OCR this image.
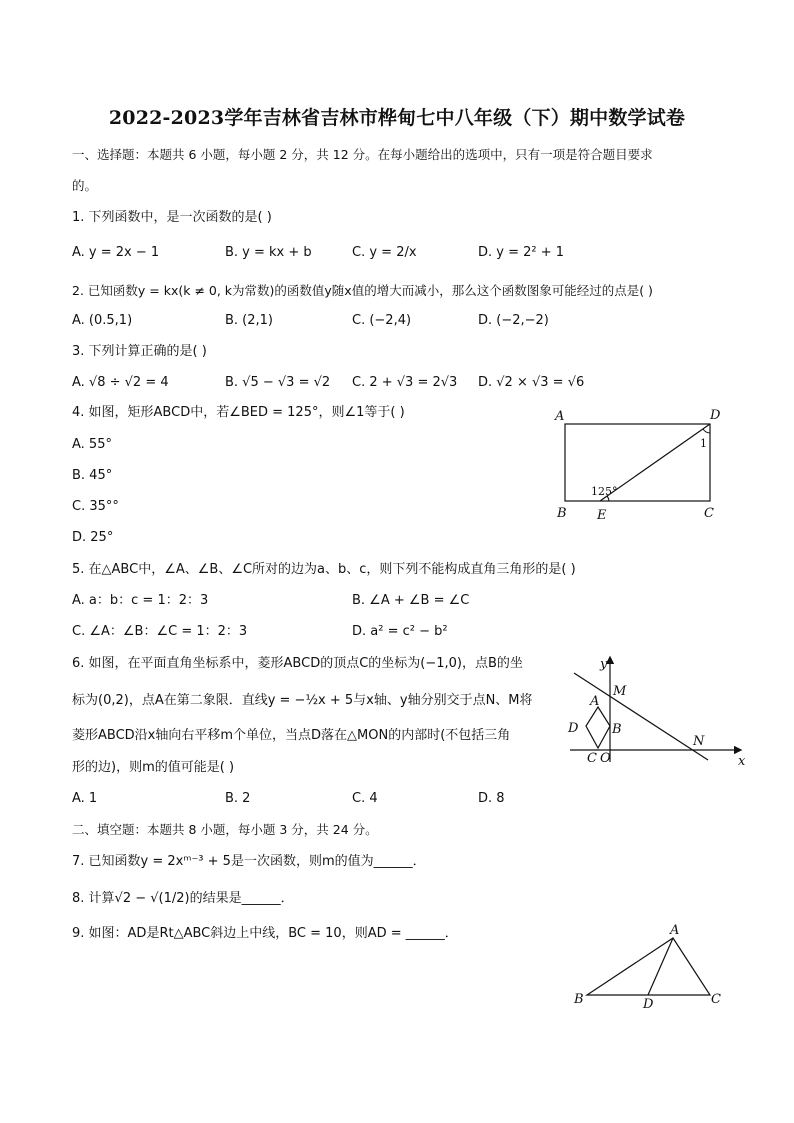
2022-2023学年吉林省吉林市桦甸七中八年级（下）期中数学试卷
一、选择题：本题共 6 小题，每小题 2 分，共 12 分。在每小题给出的选项中，只有一项是符合题目要求
的。
1. 下列函数中，是一次函数的是( )
A. y = 2x − 1	B. y = kx + b	C. y = 2/x	D. y = 2² + 1
2. 已知函数y = kx(k ≠ 0, k为常数)的函数值y随x值的增大而减小，那么这个函数图象可能经过的点是( )
A. (0.5,1)	B. (2,1)	C. (−2,4)	D. (−2,−2)
3. 下列计算正确的是( )
A. √8 ÷ √2 = 4	B. √5 − √3 = √2 C. 2 + √3 = 2√3 D. √2 × √3 = √6
4. 如图，矩形ABCD中，若∠BED = 125°，则∠1等于( )
A. 55°
B. 45°
C. 35°°
D. 25°
A	D
B E	C
1
125°
5. 在△ABC中，∠A、∠B、∠C所对的边为a、b、c，则下列不能构成直角三角形的是( )
A. a：b：c = 1：2：3	B. ∠A + ∠B = ∠C
C. ∠A：∠B：∠C = 1：2：3	D. a² = c² − b²
6. 如图，在平面直角坐标系中，菱形ABCD的顶点C的坐标为(−1,0)，点B的坐
标为(0,2)，点A在第二象限．直线y = −½x + 5与x轴、y轴分别交于点N、M将
菱形ABCD沿x轴向右平移m个单位，当点D落在△MON的内部时(不包括三角
形的边)，则m的值可能是( )
A. 1	B. 2	C. 4	D. 8
y
x
M
N
A
B
C
D
O
二、填空题：本题共 8 小题，每小题 3 分，共 24 分。
7. 已知函数y = 2xᵐ⁻³ + 5是一次函数，则m的值为______．
8. 计算√2 − √(1/2)的结果是______．
9. 如图：AD是Rt△ABC斜边上中线，BC = 10，则AD = ______．	A
B	C
D
